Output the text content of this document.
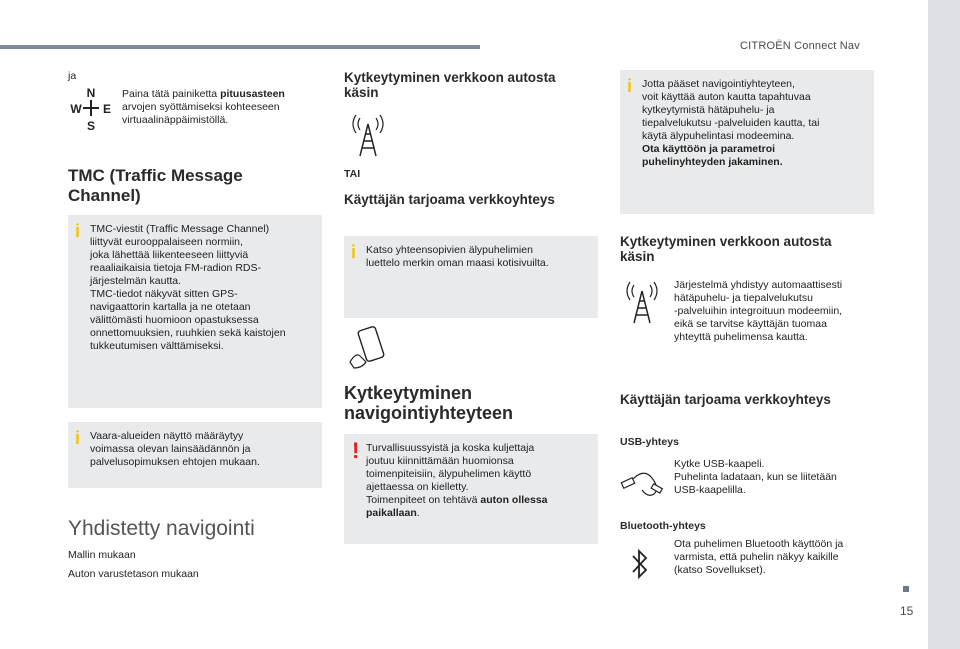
CITROËN Connect Nav
15
ja
N
W E
S
Paina tätä painiketta pituusasteen
arvojen syöttämiseksi kohteeseen
virtuaalinäppäimistöllä.
TMC (Traffic Message
Channel)
i TMC-viestit (Traffic Message Channel)
liittyvät eurooppalaiseen normiin,
joka lähettää liikenteeseen liittyviä
reaaliaikaisia tietoja FM-radion RDS-
järjestelmän kautta.
TMC-tiedot näkyvät sitten GPS-
navigaattorin kartalla ja ne otetaan
välittömästi huomioon opastuksessa
onnettomuuksien, ruuhkien sekä kaistojen
tukkeutumisen välttämiseksi.
i Vaara-alueiden näyttö määräytyy
voimassa olevan lainsäädännön ja
palvelusopimuksen ehtojen mukaan.
Yhdistetty navigointi
Mallin mukaan
Auton varustetason mukaan
Kytkeytyminen verkkoon autosta
käsin
TAI
Käyttäjän tarjoama verkkoyhteys
i Katso yhteensopivien älypuhelimien
luettelo merkin oman maasi kotisivuilta.
Kytkeytyminen
navigointiyhteyteen
! Turvallisuussyistä ja koska kuljettaja
joutuu kiinnittämään huomionsa
toimenpiteisiin, älypuhelimen käyttö
ajettaessa on kielletty.
Toimenpiteet on tehtävä auton ollessa
paikallaan.
i Jotta pääset navigointiyhteyteen,
voit käyttää auton kautta tapahtuvaa
kytkeytymistä hätäpuhelu- ja
tiepalvelukutsu -palveluiden kautta, tai
käytä älypuhelintasi modeemina.
Ota käyttöön ja parametroi
puhelinyhteyden jakaminen.
Kytkeytyminen verkkoon autosta
käsin
Järjestelmä yhdistyy automaattisesti
hätäpuhelu- ja tiepalvelukutsu
-palveluihin integroituun modeemiin,
eikä se tarvitse käyttäjän tuomaa
yhteyttä puhelimensa kautta.
Käyttäjän tarjoama verkkoyhteys
USB-yhteys
Kytke USB-kaapeli.
Puhelinta ladataan, kun se liitetään
USB-kaapelilla.
Bluetooth-yhteys
Ota puhelimen Bluetooth käyttöön ja
varmista, että puhelin näkyy kaikille
(katso Sovellukset).
